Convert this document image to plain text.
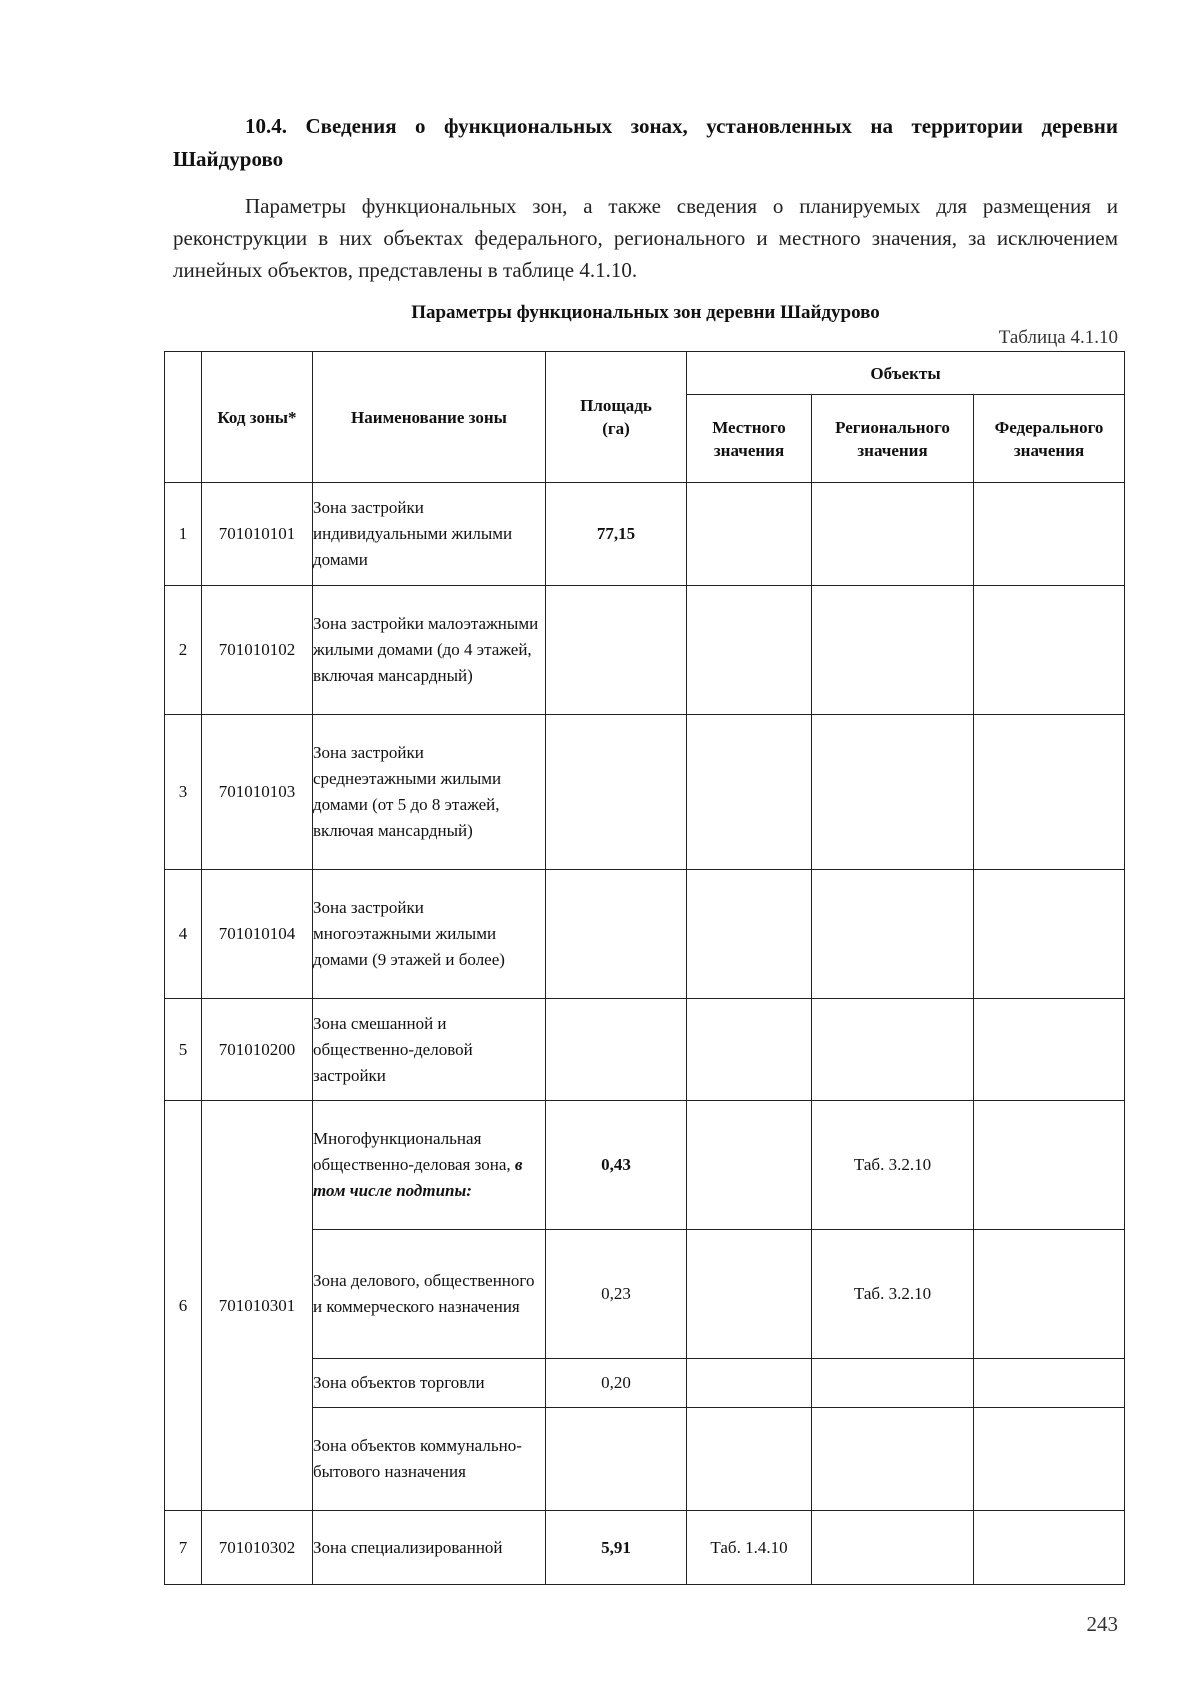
10.4. Сведения о функциональных зонах, установленных на территории деревни Шайдурово

Параметры функциональных зон, а также сведения о планируемых для размещения и реконструкции в них объектах федерального, регионального и местного значения, за исключением линейных объектов, представлены в таблице 4.1.10.

Параметры функциональных зон деревни Шайдурово

Таблица 4.1.10

	Код зоны*	Наименование зоны	Площадь (га)	Объекты		
				Местного значения	Регионального значения	Федерального значения
1	701010101	Зона застройки индивидуальными жилыми домами	77,15			
2	701010102	Зона застройки малоэтажными жилыми домами (до 4 этажей, включая мансардный)				
3	701010103	Зона застройки среднеэтажными жилыми домами (от 5 до 8 этажей, включая мансардный)				
4	701010104	Зона застройки многоэтажными жилыми домами (9 этажей и более)				
5	701010200	Зона смешанной и общественно-деловой застройки				
6	701010301	Многофункциональная общественно-деловая зона, в том числе подтипы:	0,43		Таб. 3.2.10	
		Зона делового, общественного и коммерческого назначения	0,23		Таб. 3.2.10	
		Зона объектов торговли	0,20			
		Зона объектов коммунально-бытового назначения				
7	701010302	Зона специализированной	5,91	Таб. 1.4.10		
243
